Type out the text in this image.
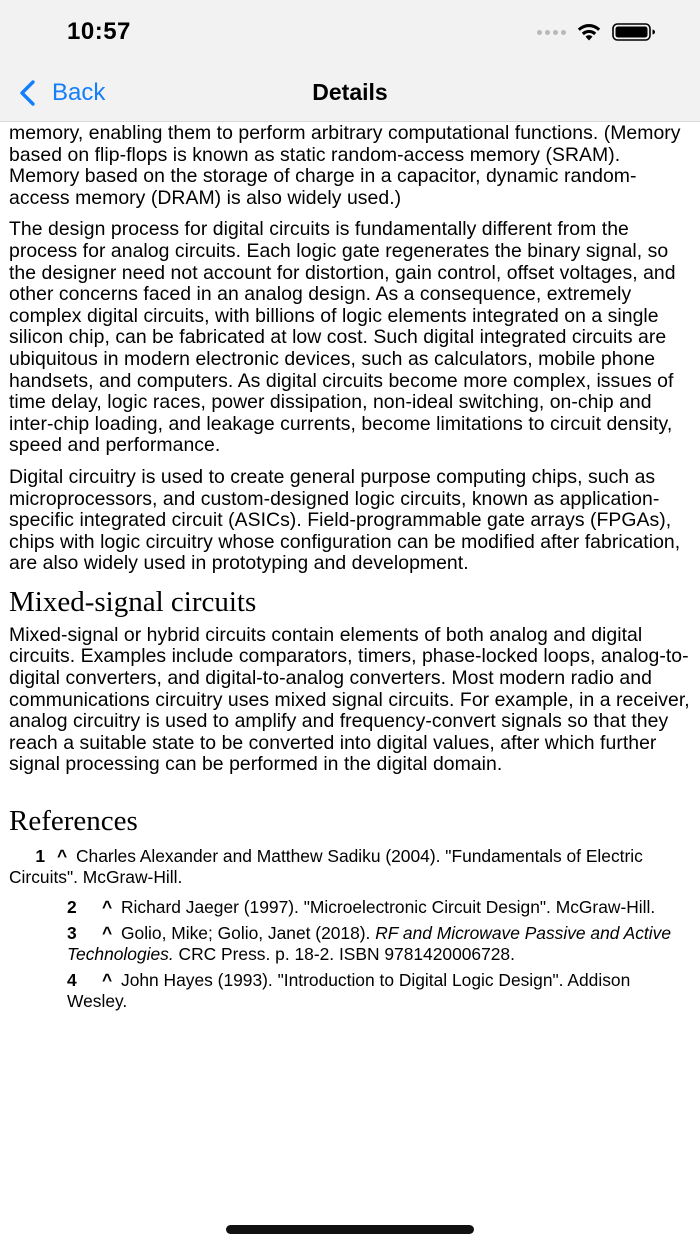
10:57
Back	Details

memory, enabling them to perform arbitrary computational functions. (Memory based on flip-flops is known as static random-access memory (SRAM). Memory based on the storage of charge in a capacitor, dynamic random-access memory (DRAM) is also widely used.)

The design process for digital circuits is fundamentally different from the process for analog circuits. Each logic gate regenerates the binary signal, so the designer need not account for distortion, gain control, offset voltages, and other concerns faced in an analog design. As a consequence, extremely complex digital circuits, with billions of logic elements integrated on a single silicon chip, can be fabricated at low cost. Such digital integrated circuits are ubiquitous in modern electronic devices, such as calculators, mobile phone handsets, and computers. As digital circuits become more complex, issues of time delay, logic races, power dissipation, non-ideal switching, on-chip and inter-chip loading, and leakage currents, become limitations to circuit density, speed and performance.

Digital circuitry is used to create general purpose computing chips, such as microprocessors, and custom-designed logic circuits, known as application-specific integrated circuit (ASICs). Field-programmable gate arrays (FPGAs), chips with logic circuitry whose configuration can be modified after fabrication, are also widely used in prototyping and development.

Mixed-signal circuits

Mixed-signal or hybrid circuits contain elements of both analog and digital circuits. Examples include comparators, timers, phase-locked loops, analog-to-digital converters, and digital-to-analog converters. Most modern radio and communications circuitry uses mixed signal circuits. For example, in a receiver, analog circuitry is used to amplify and frequency-convert signals so that they reach a suitable state to be converted into digital values, after which further signal processing can be performed in the digital domain.

References
1 ^ Charles Alexander and Matthew Sadiku (2004). "Fundamentals of Electric Circuits". McGraw-Hill.
2 ^ Richard Jaeger (1997). "Microelectronic Circuit Design". McGraw-Hill.
3 ^ Golio, Mike; Golio, Janet (2018). RF and Microwave Passive and Active Technologies. CRC Press. p. 18-2. ISBN 9781420006728.
4 ^ John Hayes (1993). "Introduction to Digital Logic Design". Addison Wesley.
